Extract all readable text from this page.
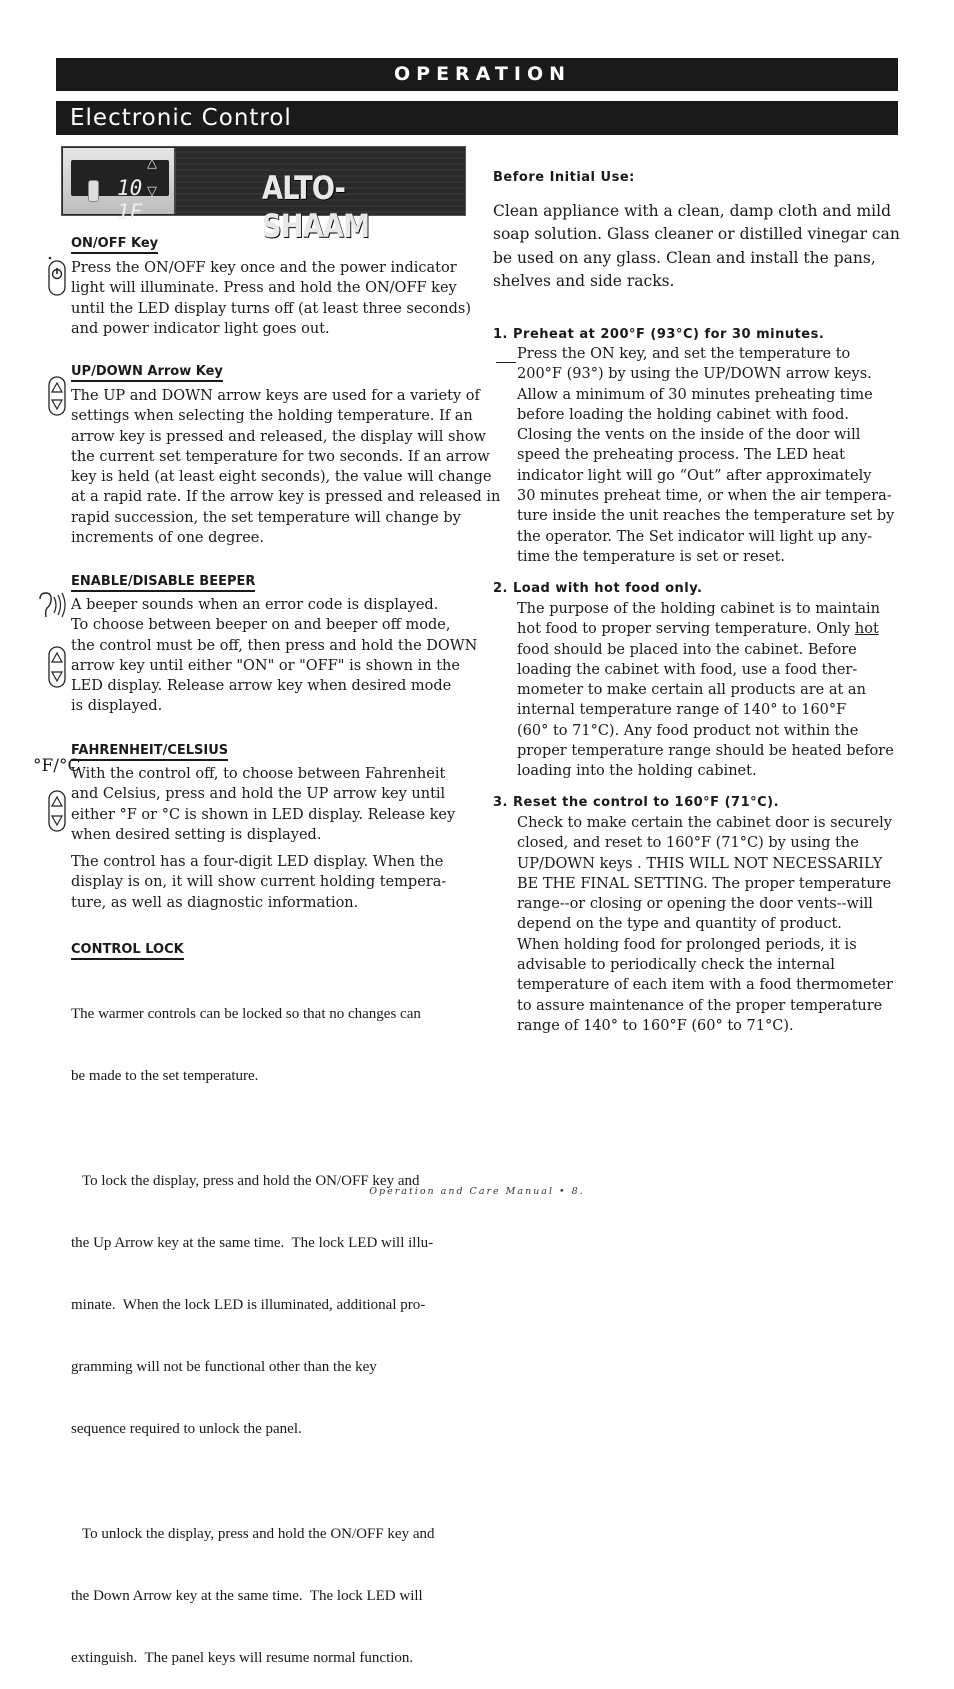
OPERATION
Electronic Control
10 1F
△
▽	ALTO-SHAAM
ON/OFF Key
Press the ON/OFF key once and the power indicator
light will illuminate. Press and hold the ON/OFF key
until the LED display turns off (at least three seconds)
and power indicator light goes out.
UP/DOWN Arrow Key
The UP and DOWN arrow keys are used for a variety of
settings when selecting the holding temperature. If an
arrow key is pressed and released, the display will show
the current set temperature for two seconds. If an arrow
key is held (at least eight seconds), the value will change
at a rapid rate. If the arrow key is pressed and released in
rapid succession, the set temperature will change by
increments of one degree.
ENABLE/DISABLE BEEPER
A beeper sounds when an error code is displayed.
To choose between beeper on and beeper off mode,
the control must be off, then press and hold the DOWN
arrow key until either "ON" or "OFF" is shown in the
LED display. Release arrow key when desired mode
is displayed.
FAHRENHEIT/CELSIUS
°F/°C
With the control off, to choose between Fahrenheit
and Celsius, press and hold the UP arrow key until
either °F or °C is shown in LED display. Release key
when desired setting is displayed.
The control has a four-digit LED display. When the
display is on, it will show current holding tempera-
ture, as well as diagnostic information.
CONTROL LOCK

The warmer controls can be locked so that no changes can

be made to the set temperature.

To lock the display, press and hold the ON/OFF key and

the Up Arrow key at the same time.  The lock LED will illu-

minate.  When the lock LED is illuminated, additional pro-

gramming will not be functional other than the key

sequence required to unlock the panel.

To unlock the display, press and hold the ON/OFF key and

the Down Arrow key at the same time.  The lock LED will

extinguish.  The panel keys will resume normal function.

Before Initial Use:
Clean appliance with a clean, damp cloth and mild
soap solution. Glass cleaner or distilled vinegar can
be used on any glass. Clean and install the pans,
shelves and side racks.
1. Preheat at 200°F (93°C) for 30 minutes.
Press the ON key, and set the temperature to
200°F (93°) by using the UP/DOWN arrow keys.
Allow a minimum of 30 minutes preheating time
before loading the holding cabinet with food.
Closing the vents on the inside of the door will
speed the preheating process. The LED heat
indicator light will go “Out” after approximately
30 minutes preheat time, or when the air tempera-
ture inside the unit reaches the temperature set by
the operator. The Set indicator will light up any-
time the temperature is set or reset.
2. Load with hot food only.
The purpose of the holding cabinet is to maintain
hot food to proper serving temperature. Only hot
food should be placed into the cabinet. Before
loading the cabinet with food, use a food ther-
mometer to make certain all products are at an
internal temperature range of 140° to 160°F
(60° to 71°C). Any food product not within the
proper temperature range should be heated before
loading into the holding cabinet.
3. Reset the control to 160°F (71°C).
Check to make certain the cabinet door is securely
closed, and reset to 160°F (71°C) by using the
UP/DOWN keys . THIS WILL NOT NECESSARILY
BE THE FINAL SETTING. The proper temperature
range--or closing or opening the door vents--will
depend on the type and quantity of product.
When holding food for prolonged periods, it is
advisable to periodically check the internal
temperature of each item with a food thermometer
to assure maintenance of the proper temperature
range of 140° to 160°F (60° to 71°C).
Operation and Care Manual • 8.
